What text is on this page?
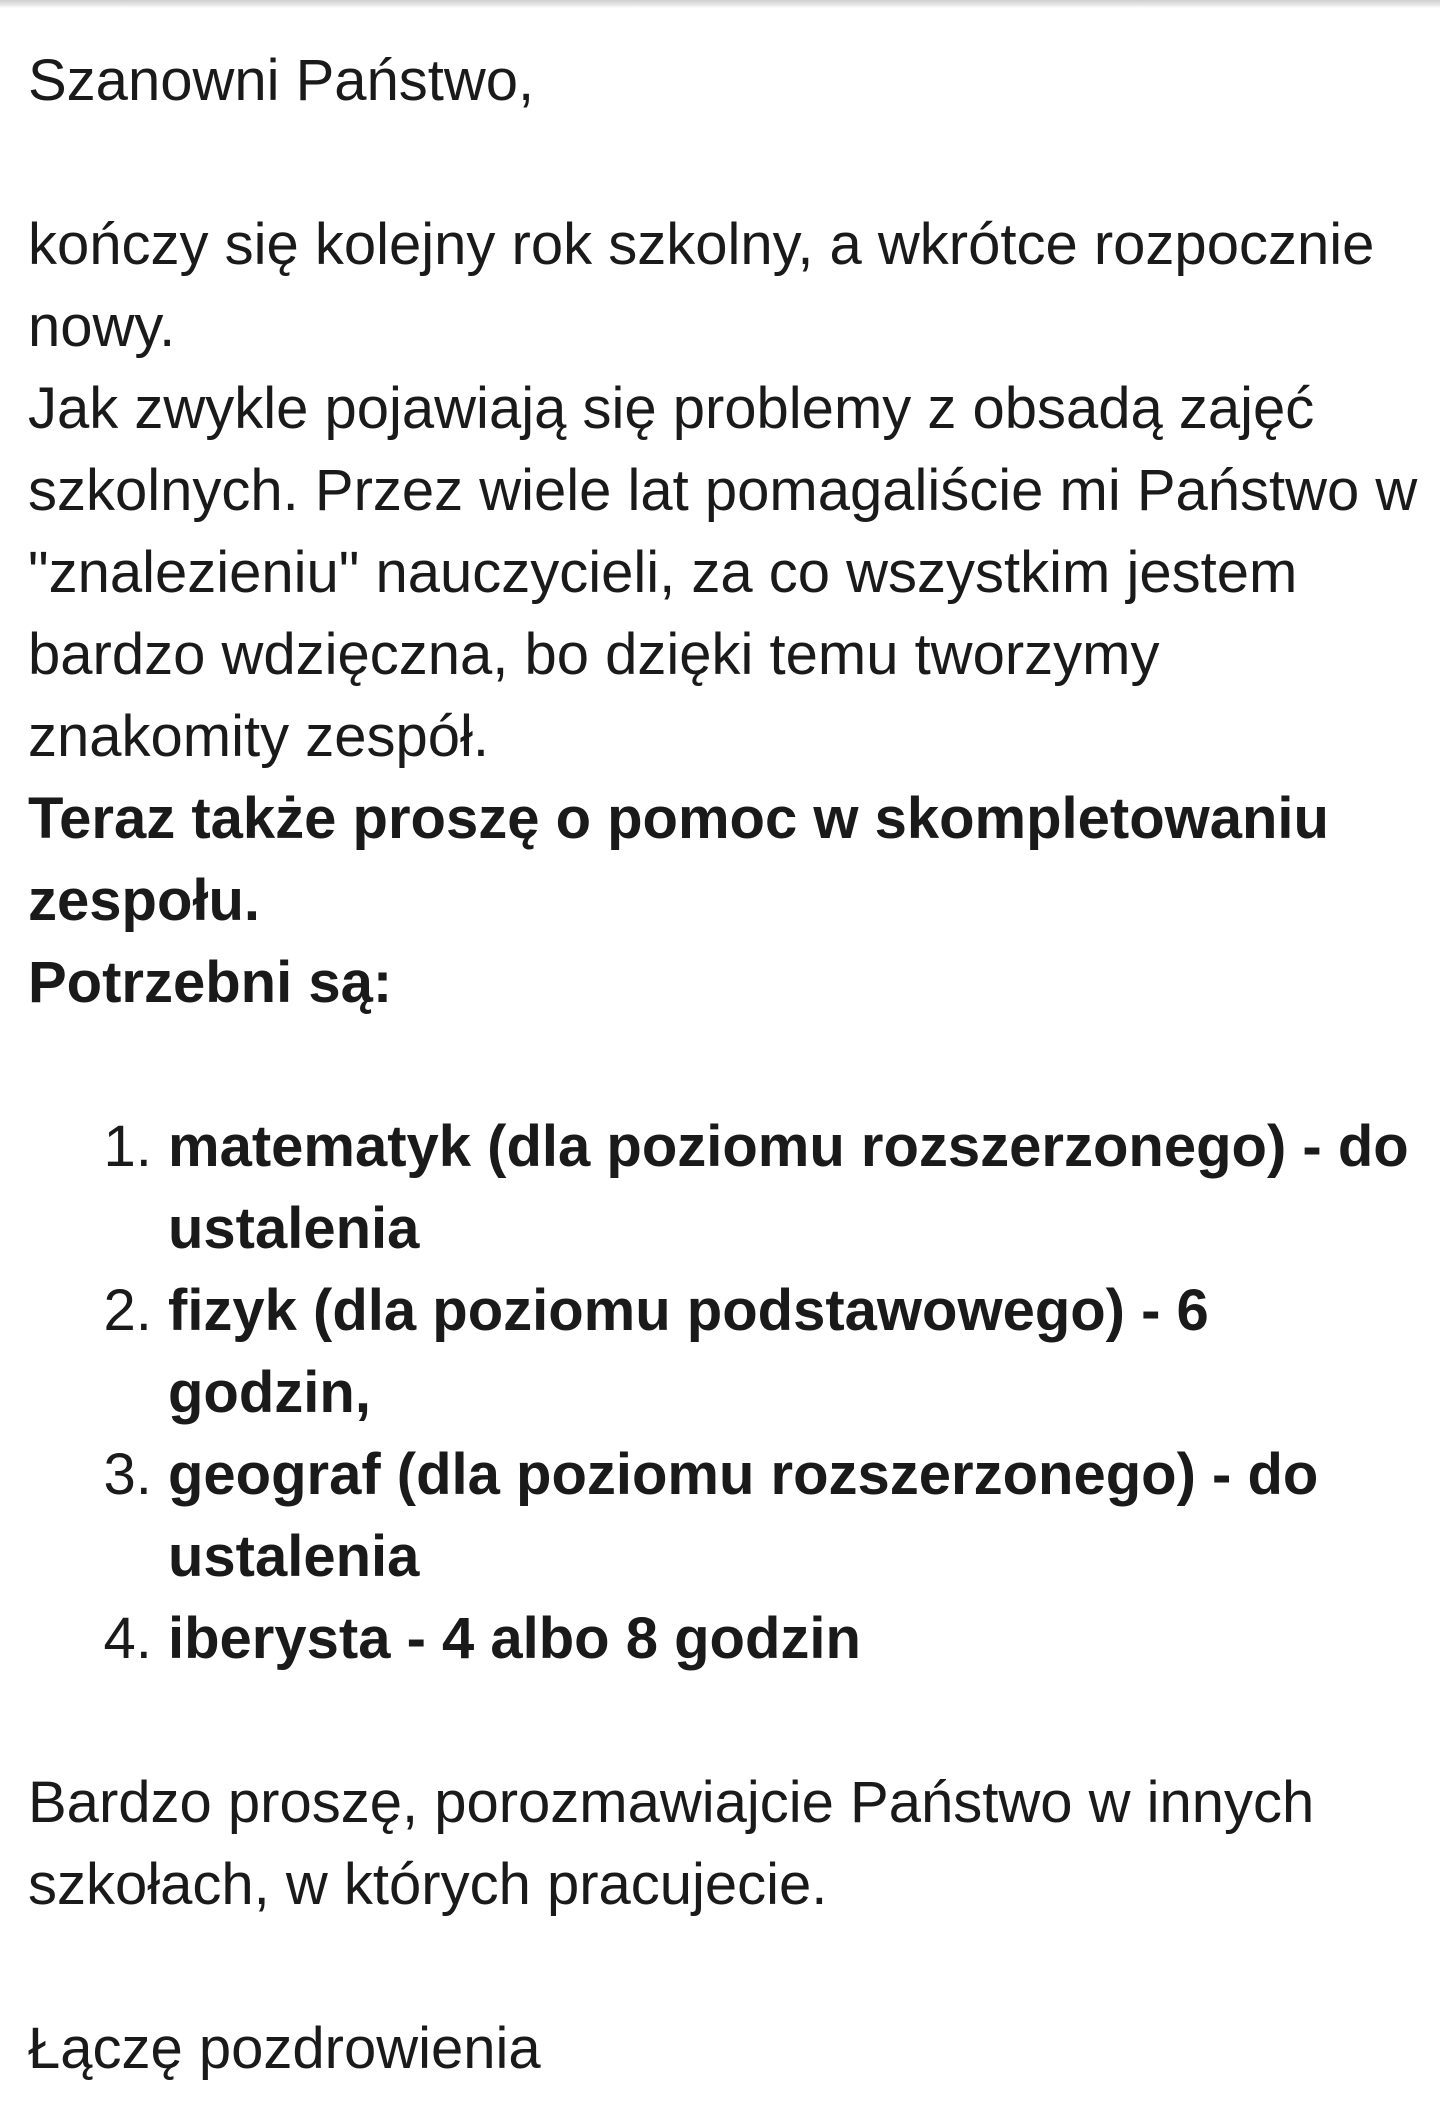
Szanowni Państwo,

kończy się kolejny rok szkolny, a wkrótce rozpocznie nowy.

Jak zwykle pojawiają się problemy z obsadą zajęć szkolnych. Przez wiele lat pomagaliście mi Państwo w "znalezieniu" nauczycieli, za co wszystkim jestem bardzo wdzięczna, bo dzięki temu tworzymy znakomity zespół.

Teraz także proszę o pomoc w skompletowaniu zespołu.

Potrzebni są:

1. matematyk (dla poziomu rozszerzonego) - do ustalenia
2. fizyk (dla poziomu podstawowego) - 6 godzin,
3. geograf (dla poziomu rozszerzonego) - do ustalenia
4. iberysta - 4 albo 8 godzin

Bardzo proszę, porozmawiajcie Państwo w innych szkołach, w których pracujecie.

Łączę pozdrowienia
